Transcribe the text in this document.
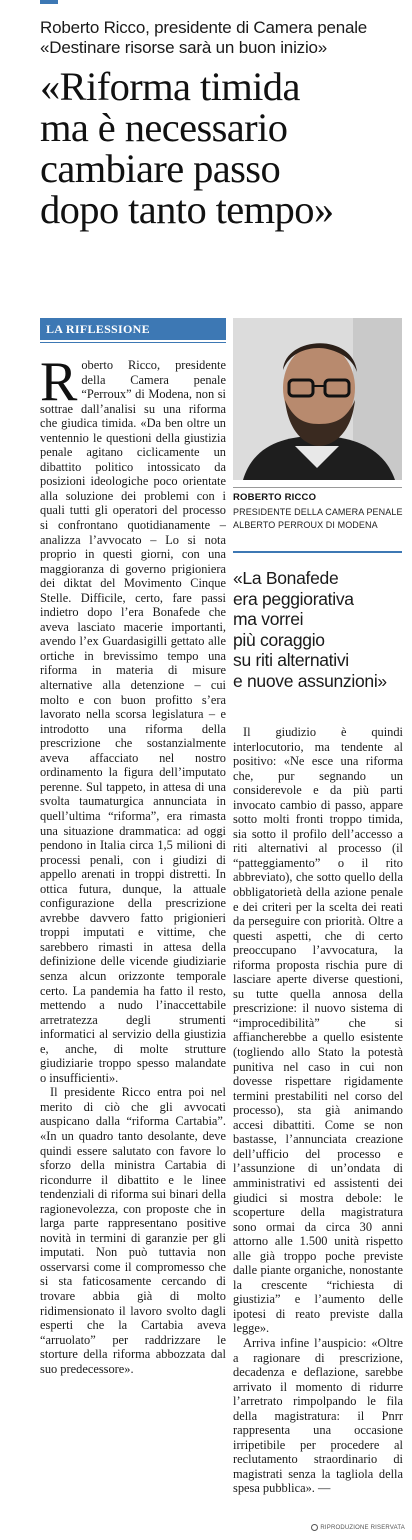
Roberto Ricco, presidente di Camera penale
«Destinare risorse sarà un buon inizio»
«Riforma timida
ma è necessario
cambiare passo
dopo tanto tempo»
LA RIFLESSIONE
ROBERTO RICCO
PRESIDENTE DELLA CAMERA PENALE
ALBERTO PERROUX DI MODENA
«La Bonafede
era peggiorativa
ma vorrei
più coraggio
su riti alternativi
e nuove assunzioni»

Roberto Ricco, presidente della Camera penale “Perroux” di Modena, non si sottrae dall’analisi su una riforma che giudica timida. «Da ben oltre un ventennio le questioni della giustizia penale agitano ciclicamente un dibattito politico intossicato da posizioni ideologiche poco orientate alla soluzione dei problemi con i quali tutti gli operatori del processo si confrontano quotidianamente – analizza l’avvocato – Lo si nota proprio in questi giorni, con una maggioranza di governo prigioniera dei diktat del Movimento Cinque Stelle. Difficile, certo, fare passi indietro dopo l’era Bonafede che aveva lasciato macerie importanti, avendo l’ex Guardasigilli gettato alle ortiche in brevissimo tempo una riforma in materia di misure alternative alla detenzione – cui molto e con buon profitto s’era lavorato nella scorsa legislatura – e introdotto una riforma della prescrizione che sostanzialmente aveva affacciato nel nostro ordinamento la figura dell’imputato perenne. Sul tappeto, in attesa di una svolta taumaturgica annunciata in quell’ultima “riforma”, era rimasta una situazione drammatica: ad oggi pendono in Italia circa 1,5 milioni di processi penali, con i giudizi di appello arenati in troppi distretti. In ottica futura, dunque, la attuale configurazione della prescrizione avrebbe davvero fatto prigionieri troppi imputati e vittime, che sarebbero rimasti in attesa della definizione delle vicende giudiziarie senza alcun orizzonte temporale certo. La pandemia ha fatto il resto, mettendo a nudo l’inaccettabile arretratezza degli strumenti informatici al servizio della giustizia e, anche, di molte strutture giudiziarie troppo spesso malandate o insufficienti».

Il presidente Ricco entra poi nel merito di ciò che gli avvocati auspicano dalla “riforma Cartabia”. «In un quadro tanto desolante, deve quindi essere salutato con favore lo sforzo della ministra Cartabia di ricondurre il dibattito e le linee tendenziali di riforma sui binari della ragionevolezza, con proposte che in larga parte rappresentano positive novità in termini di garanzie per gli imputati. Non può tuttavia non osservarsi come il compromesso che si sta faticosamente cercando di trovare abbia già di molto ridimensionato il lavoro svolto dagli esperti che la Cartabia aveva “arruolato” per raddrizzare le storture della riforma abbozzata dal suo predecessore».

Il giudizio è quindi interlocutorio, ma tendente al positivo: «Ne esce una riforma che, pur segnando un considerevole e da più parti invocato cambio di passo, appare sotto molti fronti troppo timida, sia sotto il profilo dell’accesso a riti alternativi al processo (il “patteggiamento” o il rito abbreviato), che sotto quello della obbligatorietà della azione penale e dei criteri per la scelta dei reati da perseguire con priorità. Oltre a questi aspetti, che di certo preoccupano l’avvocatura, la riforma proposta rischia pure di lasciare aperte diverse questioni, su tutte quella annosa della prescrizione: il nuovo sistema di “improcedibilità” che si affiancherebbe a quello esistente (togliendo allo Stato la potestà punitiva nel caso in cui non dovesse rispettare rigidamente termini prestabiliti nel corso del processo), sta già animando accesi dibattiti. Come se non bastasse, l’annunciata creazione dell’ufficio del processo e l’assunzione di un’ondata di amministrativi ed assistenti dei giudici si mostra debole: le scoperture della magistratura sono ormai da circa 30 anni attorno alle 1.500 unità rispetto alle già troppo poche previste dalle piante organiche, nonostante la crescente “richiesta di giustizia” e l’aumento delle ipotesi di reato previste dalla legge».

Arriva infine l’auspicio: «Oltre a ragionare di prescrizione, decadenza e deflazione, sarebbe arrivato il momento di ridurre l’arretrato rimpolpando le fila della magistratura: il Pnrr rappresenta una occasione irripetibile per procedere al reclutamento straordinario di magistrati senza la tagliola della spesa pubblica». —

RIPRODUZIONE RISERVATA
